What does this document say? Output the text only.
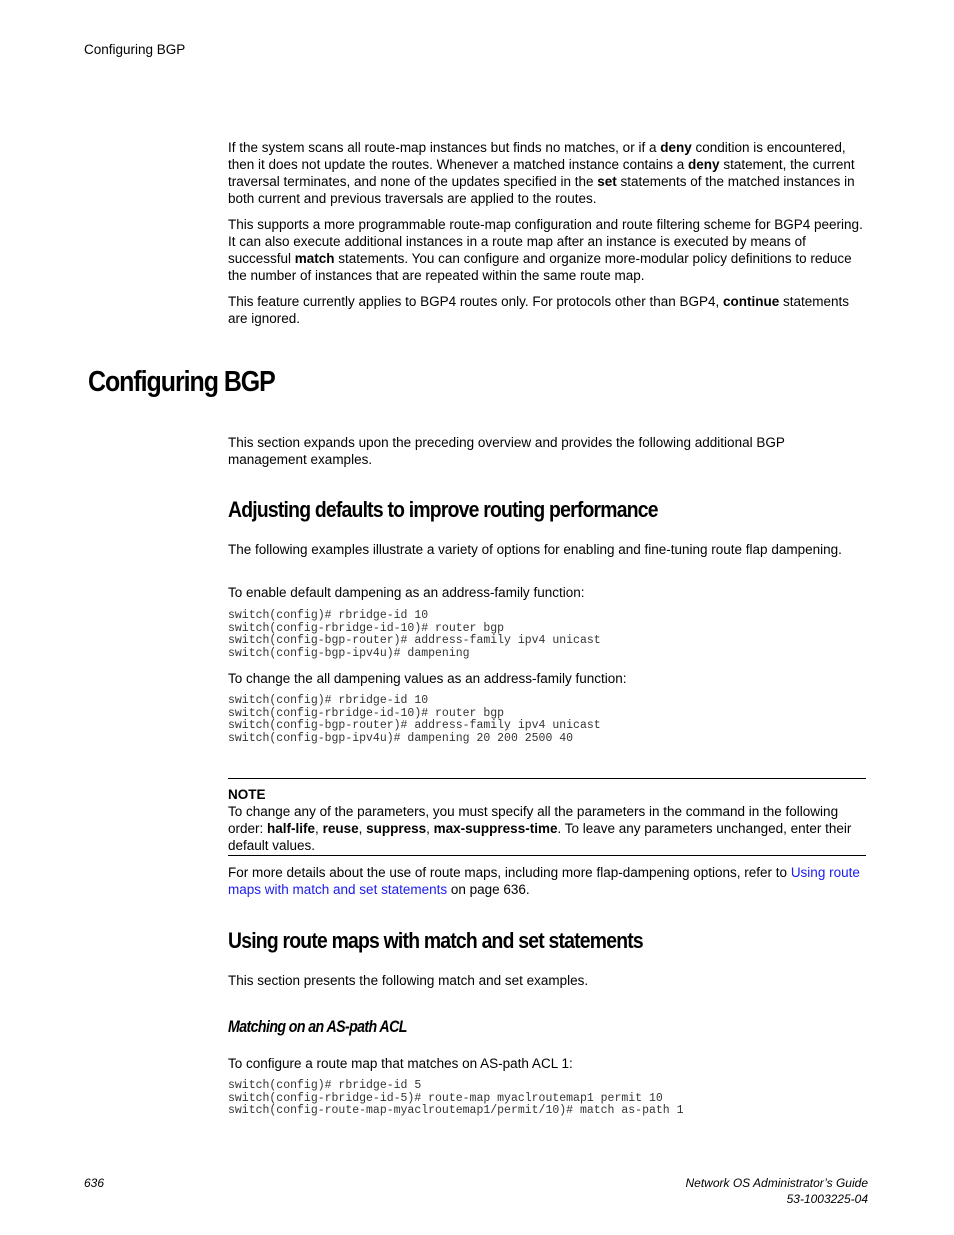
Configuring BGP

If the system scans all route-map instances but finds no matches, or if a deny condition is encountered, then it does not update the routes. Whenever a matched instance contains a deny statement, the current traversal terminates, and none of the updates specified in the set statements of the matched instances in both current and previous traversals are applied to the routes.

This supports a more programmable route-map configuration and route filtering scheme for BGP4 peering. It can also execute additional instances in a route map after an instance is executed by means of successful match statements. You can configure and organize more-modular policy definitions to reduce the number of instances that are repeated within the same route map.

This feature currently applies to BGP4 routes only. For protocols other than BGP4, continue statements are ignored.

Configuring BGP

This section expands upon the preceding overview and provides the following additional BGP management examples.

Adjusting defaults to improve routing performance

The following examples illustrate a variety of options for enabling and fine-tuning route flap dampening.

To enable default dampening as an address-family function:

switch(config)# rbridge-id 10
switch(config-rbridge-id-10)# router bgp
switch(config-bgp-router)# address-family ipv4 unicast
switch(config-bgp-ipv4u)# dampening

To change the all dampening values as an address-family function:

switch(config)# rbridge-id 10
switch(config-rbridge-id-10)# router bgp
switch(config-bgp-router)# address-family ipv4 unicast
switch(config-bgp-ipv4u)# dampening 20 200 2500 40
NOTE

To change any of the parameters, you must specify all the parameters in the command in the following order: half-life, reuse, suppress, max-suppress-time. To leave any parameters unchanged, enter their default values.

For more details about the use of route maps, including more flap-dampening options, refer to Using route maps with match and set statements on page 636.

Using route maps with match and set statements

This section presents the following match and set examples.

Matching on an AS-path ACL

To configure a route map that matches on AS-path ACL 1:

switch(config)# rbridge-id 5
switch(config-rbridge-id-5)# route-map myaclroutemap1 permit 10
switch(config-route-map-myaclroutemap1/permit/10)# match as-path 1
636	Network OS Administrator’s Guide
53-1003225-04
